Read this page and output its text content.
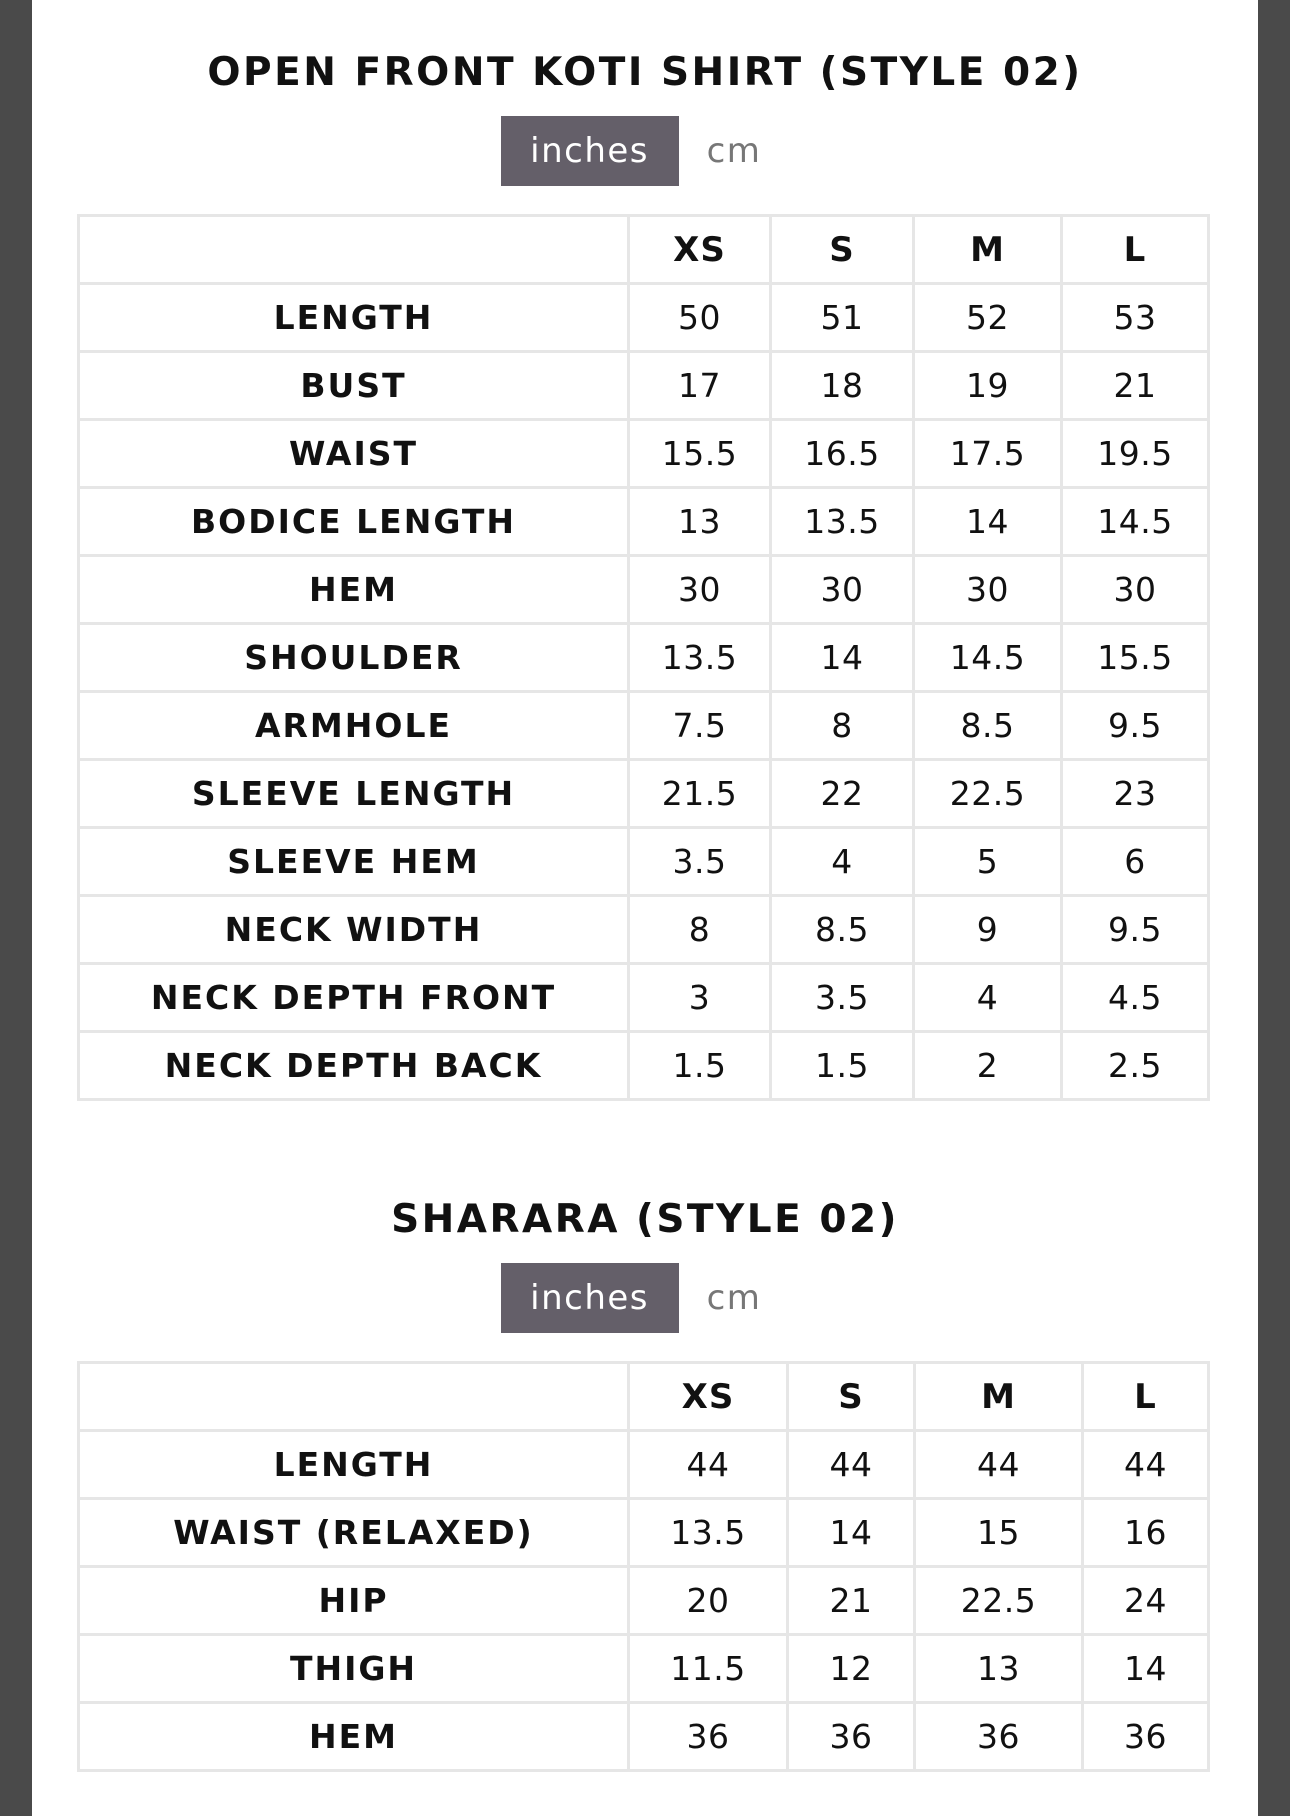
OPEN FRONT KOTI SHIRT (STYLE 02)
inches	cm
	XS	S	M	L
LENGTH	50	51	52	53
BUST	17	18	19	21
WAIST	15.5	16.5	17.5	19.5
BODICE LENGTH	13	13.5	14	14.5
HEM	30	30	30	30
SHOULDER	13.5	14	14.5	15.5
ARMHOLE	7.5	8	8.5	9.5
SLEEVE LENGTH	21.5	22	22.5	23
SLEEVE HEM	3.5	4	5	6
NECK WIDTH	8	8.5	9	9.5
NECK DEPTH FRONT	3	3.5	4	4.5
NECK DEPTH BACK	1.5	1.5	2	2.5
SHARARA (STYLE 02)
inches	cm
	XS	S	M	L
LENGTH	44	44	44	44
WAIST (RELAXED)	13.5	14	15	16
HIP	20	21	22.5	24
THIGH	11.5	12	13	14
HEM	36	36	36	36
